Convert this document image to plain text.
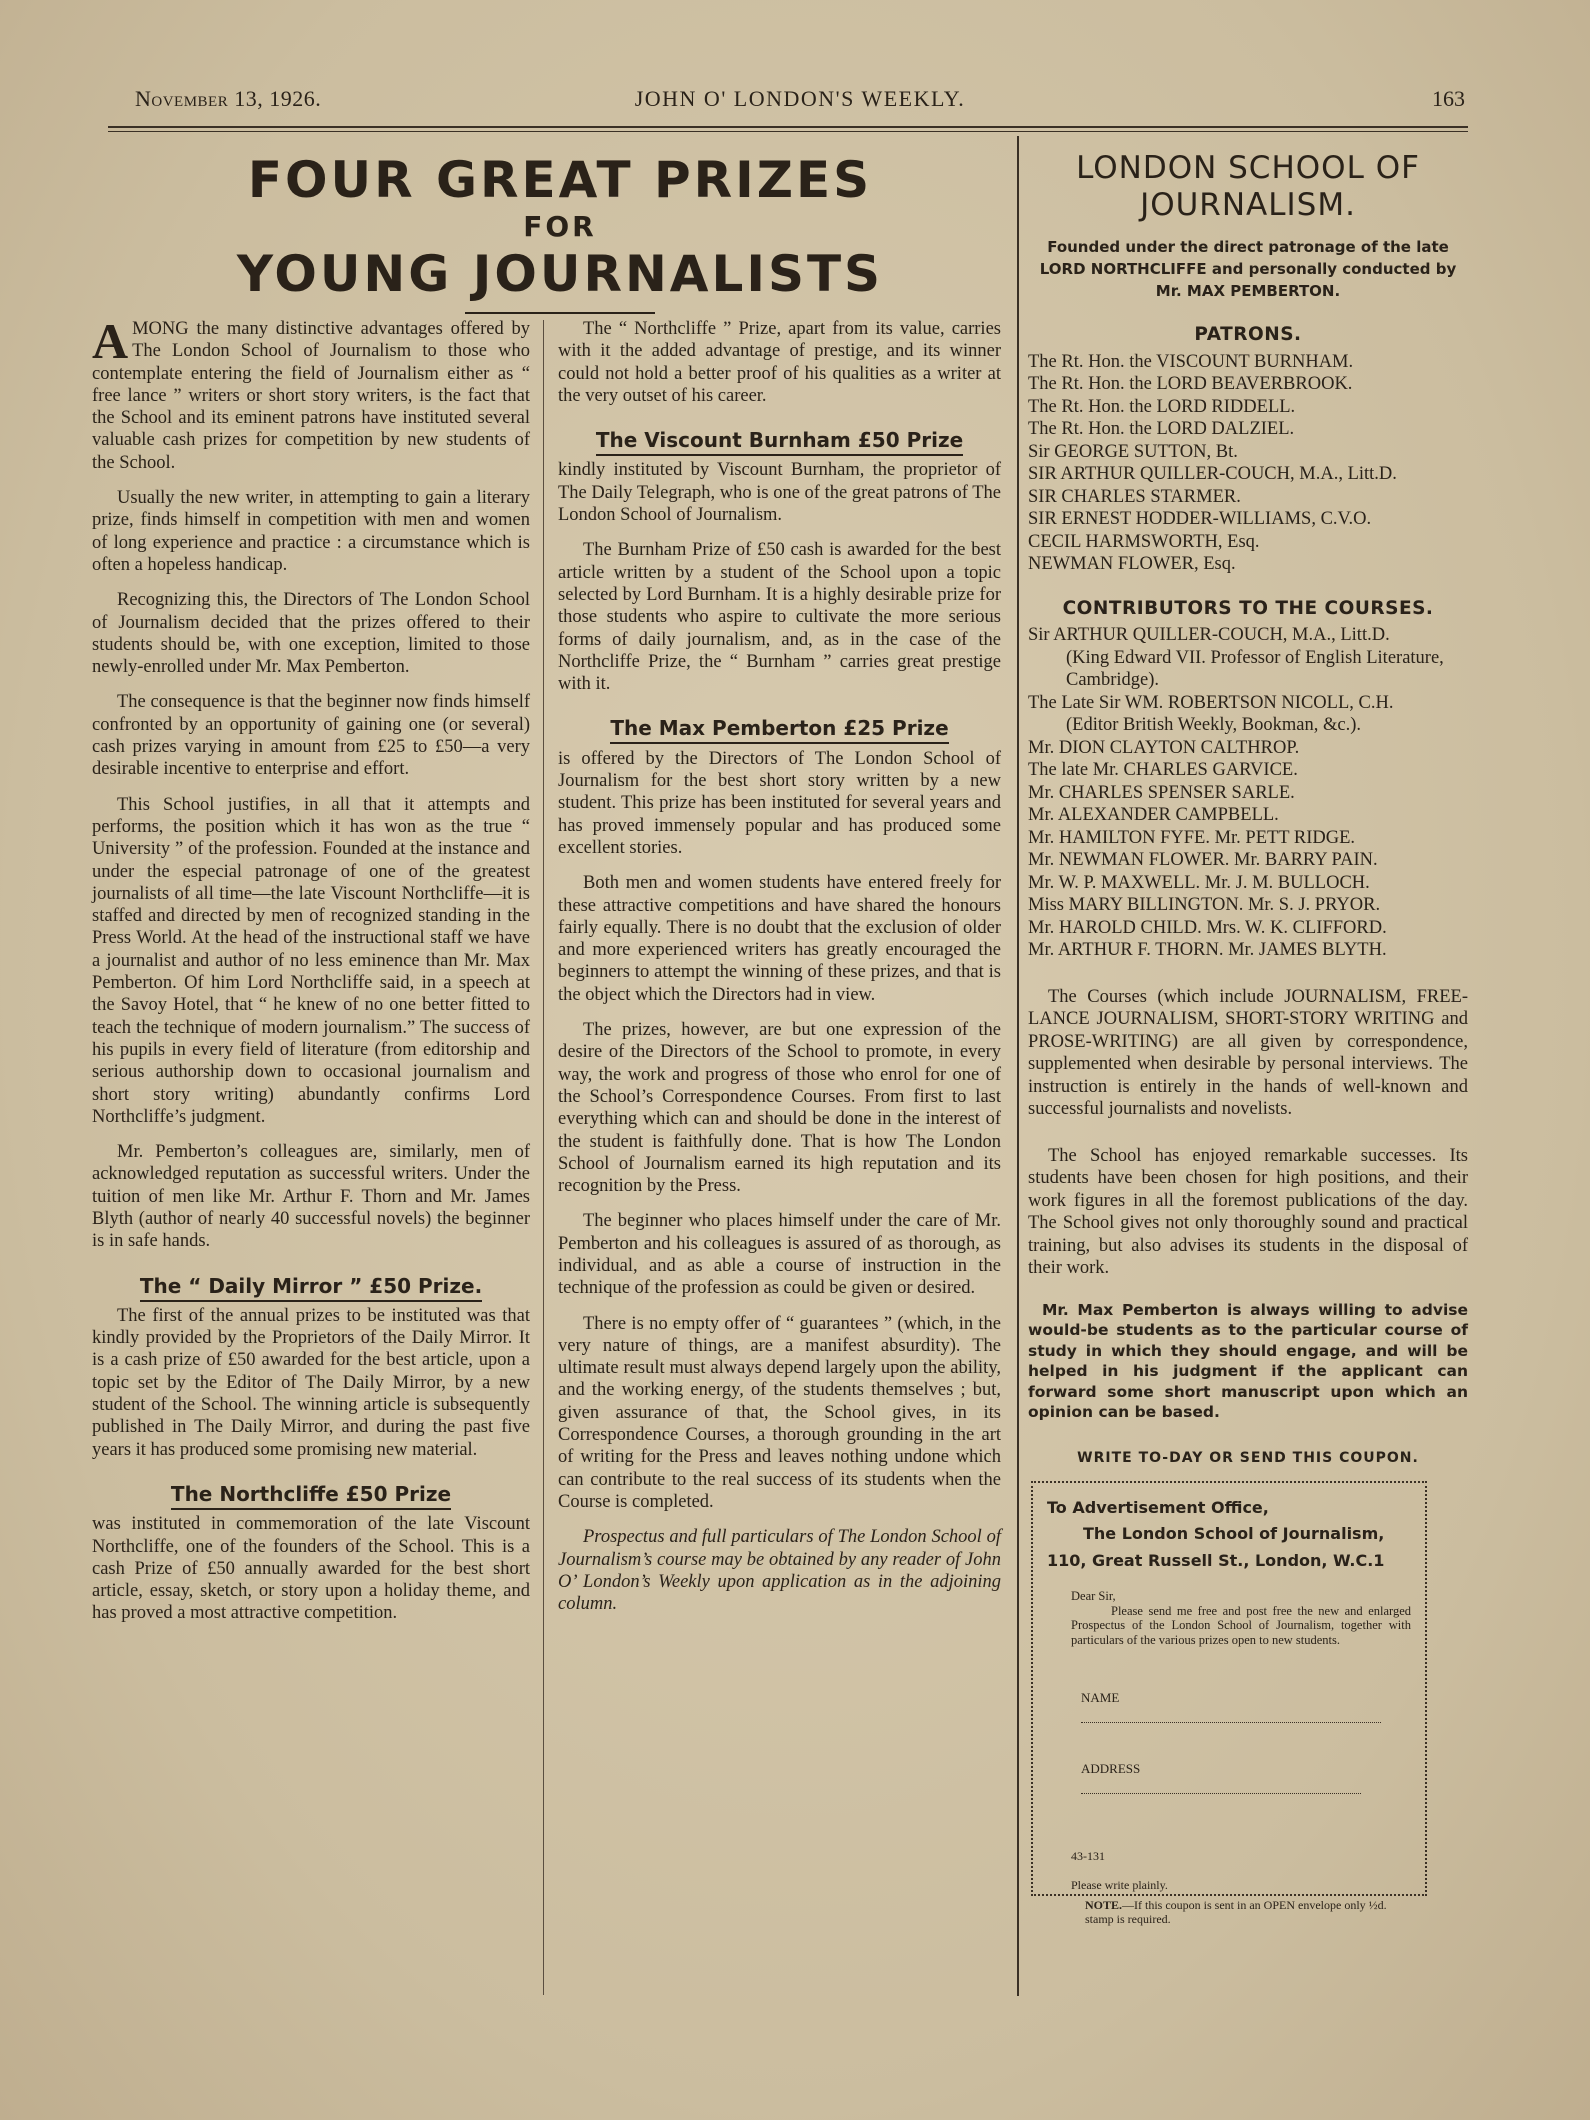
November 13, 1926.	JOHN O' LONDON'S WEEKLY.	163
FOUR GREAT PRIZES
FOR
YOUNG JOURNALISTS

AMONG the many distinctive advantages offered by The London School of Journalism to those who contemplate entering the field of Journalism either as “ free lance ” writers or short story writers, is the fact that the School and its eminent patrons have instituted several valuable cash prizes for competition by new students of the School.

Usually the new writer, in attempting to gain a literary prize, finds himself in competition with men and women of long experience and practice : a circumstance which is often a hopeless handicap.

Recognizing this, the Directors of The London School of Journalism decided that the prizes offered to their students should be, with one exception, limited to those newly-enrolled under Mr. Max Pemberton.

The consequence is that the beginner now finds himself confronted by an opportunity of gaining one (or several) cash prizes varying in amount from £25 to £50—a very desirable incentive to enterprise and effort.

This School justifies, in all that it attempts and performs, the position which it has won as the true “ University ” of the profession. Founded at the instance and under the especial patronage of one of the greatest journalists of all time—the late Viscount Northcliffe—it is staffed and directed by men of recognized standing in the Press World. At the head of the instructional staff we have a journalist and author of no less eminence than Mr. Max Pemberton. Of him Lord Northcliffe said, in a speech at the Savoy Hotel, that “ he knew of no one better fitted to teach the technique of modern journalism.” The success of his pupils in every field of literature (from editorship and serious authorship down to occasional journalism and short story writing) abundantly confirms Lord Northcliffe’s judgment.

Mr. Pemberton’s colleagues are, similarly, men of acknowledged reputation as successful writers. Under the tuition of men like Mr. Arthur F. Thorn and Mr. James Blyth (author of nearly 40 successful novels) the beginner is in safe hands.

The “ Daily Mirror ” £50 Prize.

The first of the annual prizes to be instituted was that kindly provided by the Proprietors of the Daily Mirror. It is a cash prize of £50 awarded for the best article, upon a topic set by the Editor of The Daily Mirror, by a new student of the School. The winning article is subsequently published in The Daily Mirror, and during the past five years it has produced some promising new material.

The Northcliffe £50 Prize

was instituted in commemoration of the late Viscount Northcliffe, one of the founders of the School. This is a cash Prize of £50 annually awarded for the best short article, essay, sketch, or story upon a holiday theme, and has proved a most attractive competition.

The “ Northcliffe ” Prize, apart from its value, carries with it the added advantage of prestige, and its winner could not hold a better proof of his qualities as a writer at the very outset of his career.

The Viscount Burnham £50 Prize

kindly instituted by Viscount Burnham, the proprietor of The Daily Telegraph, who is one of the great patrons of The London School of Journalism.

The Burnham Prize of £50 cash is awarded for the best article written by a student of the School upon a topic selected by Lord Burnham. It is a highly desirable prize for those students who aspire to cultivate the more serious forms of daily journalism, and, as in the case of the Northcliffe Prize, the “ Burnham ” carries great prestige with it.

The Max Pemberton £25 Prize

is offered by the Directors of The London School of Journalism for the best short story written by a new student. This prize has been instituted for several years and has proved immensely popular and has produced some excellent stories.

Both men and women students have entered freely for these attractive competitions and have shared the honours fairly equally. There is no doubt that the exclusion of older and more experienced writers has greatly encouraged the beginners to attempt the winning of these prizes, and that is the object which the Directors had in view.

The prizes, however, are but one expression of the desire of the Directors of the School to promote, in every way, the work and progress of those who enrol for one of the School’s Correspondence Courses. From first to last everything which can and should be done in the interest of the student is faithfully done. That is how The London School of Journalism earned its high reputation and its recognition by the Press.

The beginner who places himself under the care of Mr. Pemberton and his colleagues is assured of as thorough, as individual, and as able a course of instruction in the technique of the profession as could be given or desired.

There is no empty offer of “ guarantees ” (which, in the very nature of things, are a manifest absurdity). The ultimate result must always depend largely upon the ability, and the working energy, of the students themselves ; but, given assurance of that, the School gives, in its Correspondence Courses, a thorough grounding in the art of writing for the Press and leaves nothing undone which can contribute to the real success of its students when the Course is completed.

Prospectus and full particulars of The London School of Journalism’s course may be obtained by any reader of John O’ London’s Weekly upon application as in the adjoining column.

LONDON SCHOOL OF JOURNALISM.
Founded under the direct patronage of the late LORD NORTHCLIFFE and personally conducted by Mr. MAX PEMBERTON.
PATRONS.
The Rt. Hon. the VISCOUNT BURNHAM.
The Rt. Hon. the LORD BEAVERBROOK.
The Rt. Hon. the LORD RIDDELL.
The Rt. Hon. the LORD DALZIEL.
Sir GEORGE SUTTON, Bt.
SIR ARTHUR QUILLER-COUCH, M.A., Litt.D.
SIR CHARLES STARMER.
SIR ERNEST HODDER-WILLIAMS, C.V.O.
CECIL HARMSWORTH, Esq.
NEWMAN FLOWER, Esq.
CONTRIBUTORS TO THE COURSES.
Sir ARTHUR QUILLER-COUCH, M.A., Litt.D.
(King Edward VII. Professor of English Literature, Cambridge).
The Late Sir WM. ROBERTSON NICOLL, C.H.
(Editor British Weekly, Bookman, &c.).
Mr. DION CLAYTON CALTHROP.
The late Mr. CHARLES GARVICE.
Mr. CHARLES SPENSER SARLE.
Mr. ALEXANDER CAMPBELL.
Mr. HAMILTON FYFE. Mr. PETT RIDGE.
Mr. NEWMAN FLOWER. Mr. BARRY PAIN.
Mr. W. P. MAXWELL. Mr. J. M. BULLOCH.
Miss MARY BILLINGTON. Mr. S. J. PRYOR.
Mr. HAROLD CHILD. Mrs. W. K. CLIFFORD.
Mr. ARTHUR F. THORN. Mr. JAMES BLYTH.

The Courses (which include JOURNALISM, FREE-LANCE JOURNALISM, SHORT-STORY WRITING and PROSE-WRITING) are all given by correspondence, supplemented when desirable by personal interviews. The instruction is entirely in the hands of well-known and successful journalists and novelists.

The School has enjoyed remarkable successes. Its students have been chosen for high positions, and their work figures in all the foremost publications of the day. The School gives not only thoroughly sound and practical training, but also advises its students in the disposal of their work.

Mr. Max Pemberton is always willing to advise would-be students as to the particular course of study in which they should engage, and will be helped in his judgment if the applicant can forward some short manuscript upon which an opinion can be based.

WRITE TO-DAY OR SEND THIS COUPON.
To Advertisement Office,
The London School of Journalism,
110, Great Russell St., London, W.C.1
Dear Sir,
Please send me free and post free the new and enlarged Prospectus of the London School of Journalism, together with particulars of the various prizes open to new students.
NAME
ADDRESS
43-131
Please write plainly.
NOTE.—If this coupon is sent in an OPEN envelope only ½d. stamp is required.
